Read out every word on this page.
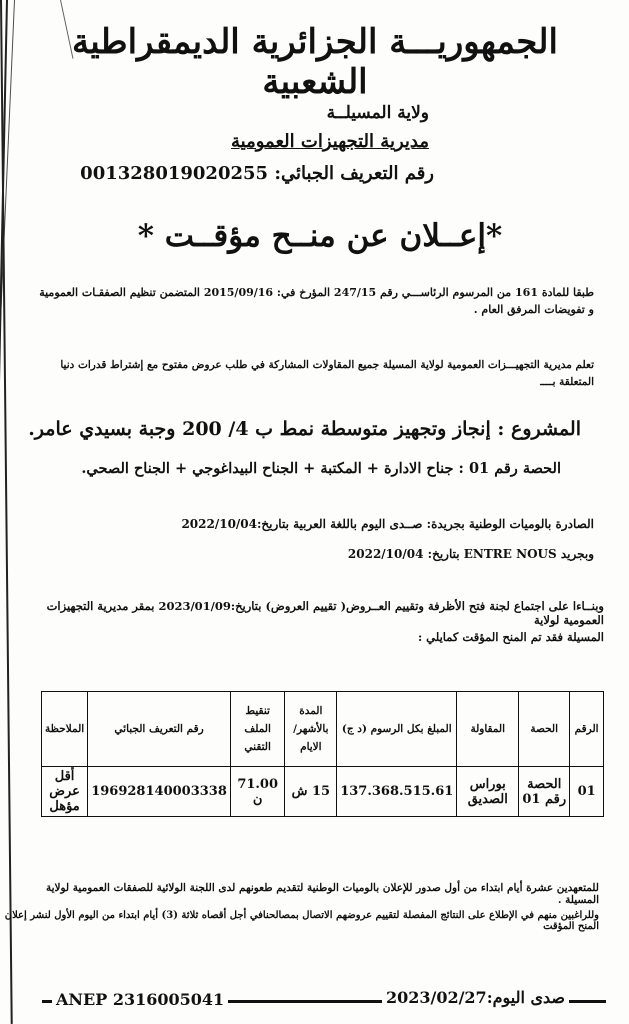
الجمهوريـــة الجزائرية الديمقراطية الشعبية
ولاية المسيلــة
مديرية التجهيزات العمومية
رقم التعريف الجبائي: 001328019020255
*إعــلان عن منــح مؤقــت *
طبقا للمادة 161 من المرسوم الرئاســـي رقم 247/15 المؤرخ في: 2015/09/16 المتضمن تنظيم الصفقـات العمومية و تفويضات المرفق العام .
تعلم مديرية التجهيـــزات العمومية لولاية المسيلة جميع المقاولات المشاركة في طلب عروض مفتوح مع إشتراط قدرات دنيا المتعلقة بــــ
المشروع : إنجاز وتجهيز متوسطة نمط ب 4/ 200 وجبة بسيدي عامر.
الحصة رقم 01 : جناح الادارة + المكتبة + الجناح البيداغوجي + الجناح الصحي.
الصادرة بالوميات الوطنية بجريدة: صــدى اليوم باللغة العربية بتاريخ:2022/10/04
وبجريد ENTRE NOUS بتاريخ: 2022/10/04
وبنــاءا على اجتماع لجنة فتح الأظرفة وتقييم العــروض( تقييم العروض) بتاريخ:2023/01/09 بمقر مديرية التجهيزات العمومية لولاية
المسيلة فقد تم المنح المؤقت كمايلي :
الرقم	الحصة	المقاولة	المبلغ بكل الرسوم (د ج)	المدة بالأشهر/ الايام	تنقيط الملف التقني	رقم التعريف الجبائي	الملاحظة
01	الحصة رقم 01	بوراس الصديق	137.368.515.61	15 ش	71.00 ن	196928140003338	أقل عرض مؤهل
للمتعهدين عشرة أيام ابتداء من أول صدور للإعلان بالوميات الوطنية لتقديم طعونهم لدى اللجنة الولائية للصفقات العمومية لولاية المسيلة .
وللراغبين منهم في الإطلاع على النتائج المفصلة لتقييم عروضهم الاتصال بمصالحنافي أجل أقصاه ثلاثة (3) أيام ابتداء من اليوم الأول لنشر إعلان المنح المؤقت
ANEP 2316005041	صدى اليوم:2023/02/27
